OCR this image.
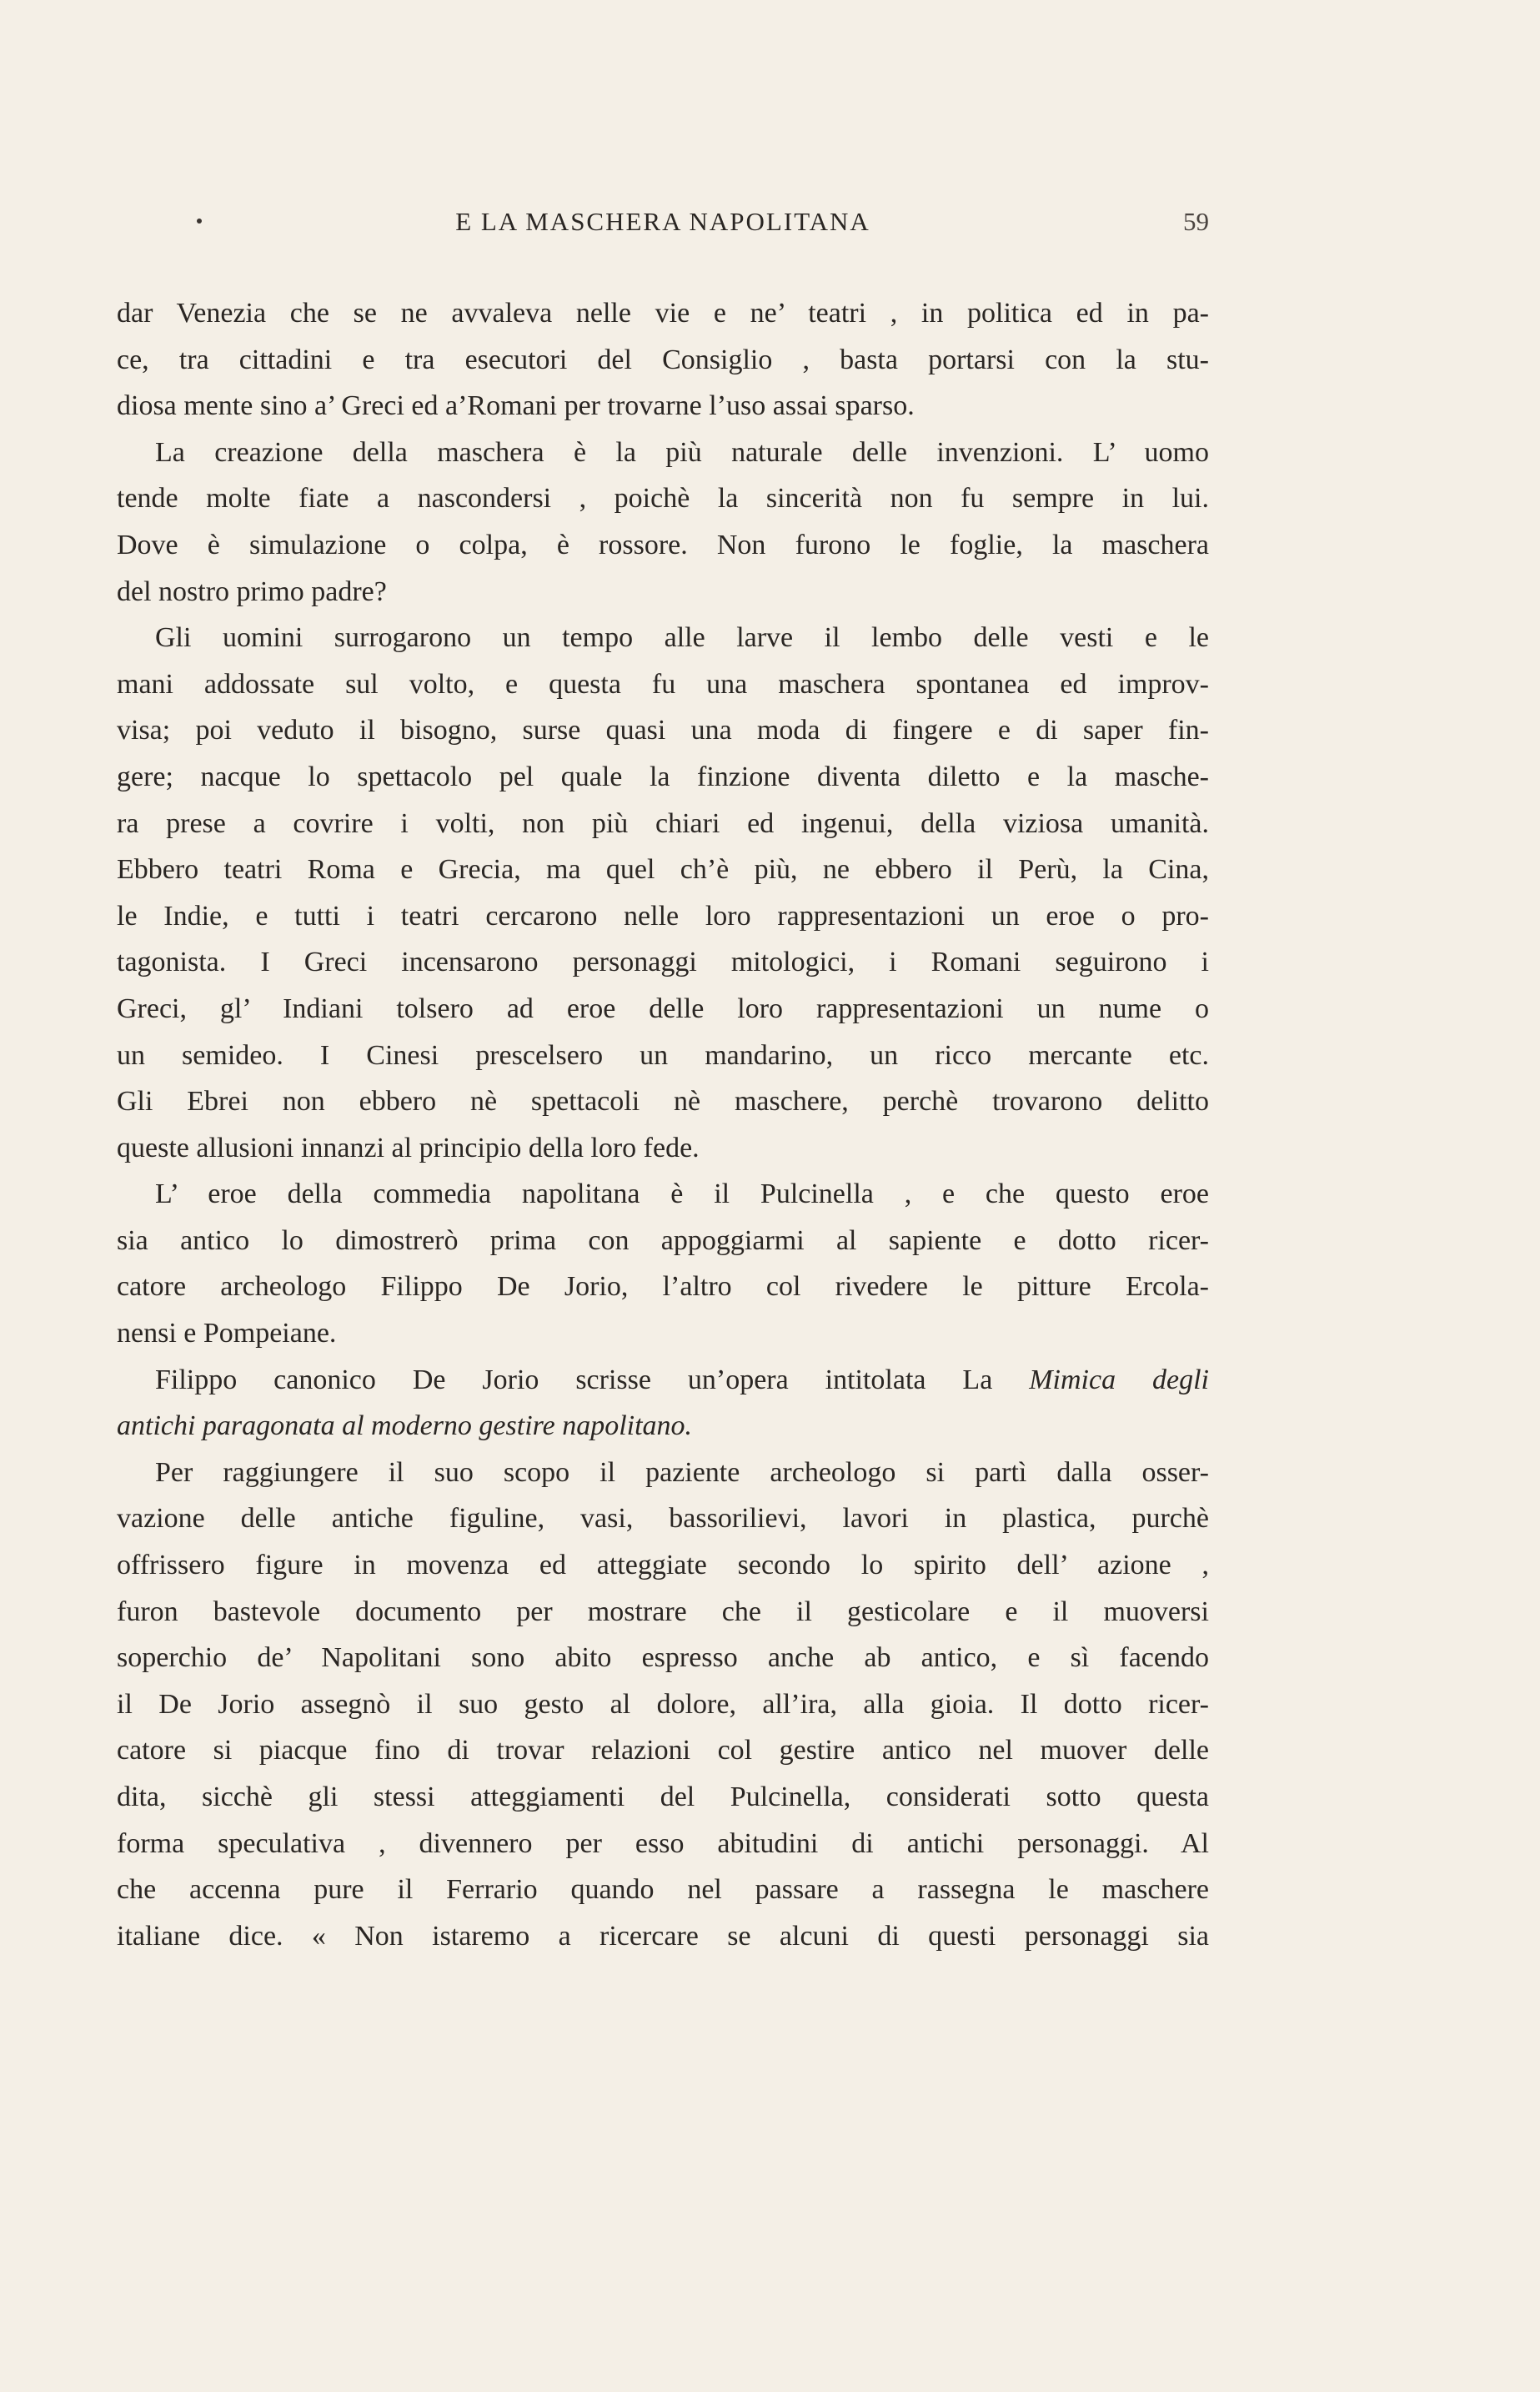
E LA MASCHERA NAPOLITANA	59
dar Venezia che se ne avvaleva nelle vie e ne’ teatri , in politica ed in pa-
ce, tra cittadini e tra esecutori del Consiglio , basta portarsi con la stu-
diosa mente sino a’ Greci ed a’Romani per trovarne l’uso assai sparso.
La creazione della maschera è la più naturale delle invenzioni. L’ uomo
tende molte fiate a nascondersi , poichè la sincerità non fu sempre in lui.
Dove è simulazione o colpa, è rossore. Non furono le foglie, la maschera
del nostro primo padre?
Gli uomini surrogarono un tempo alle larve il lembo delle vesti e le
mani addossate sul volto, e questa fu una maschera spontanea ed improv-
visa; poi veduto il bisogno, surse quasi una moda di fingere e di saper fin-
gere; nacque lo spettacolo pel quale la finzione diventa diletto e la masche-
ra prese a covrire i volti, non più chiari ed ingenui, della viziosa umanità.
Ebbero teatri Roma e Grecia, ma quel ch’è più, ne ebbero il Perù, la Cina,
le Indie, e tutti i teatri cercarono nelle loro rappresentazioni un eroe o pro-
tagonista. I Greci incensarono personaggi mitologici, i Romani seguirono i
Greci, gl’ Indiani tolsero ad eroe delle loro rappresentazioni un nume o
un semideo. I Cinesi prescelsero un mandarino, un ricco mercante etc.
Gli Ebrei non ebbero nè spettacoli nè maschere, perchè trovarono delitto
queste allusioni innanzi al principio della loro fede.
L’ eroe della commedia napolitana è il Pulcinella , e che questo eroe
sia antico lo dimostrerò prima con appoggiarmi al sapiente e dotto ricer-
catore archeologo Filippo De Jorio, l’altro col rivedere le pitture Ercola-
nensi e Pompeiane.
Filippo canonico De Jorio scrisse un’opera intitolata La Mimica degli
antichi paragonata al moderno gestire napolitano.
Per raggiungere il suo scopo il paziente archeologo si partì dalla osser-
vazione delle antiche figuline, vasi, bassorilievi, lavori in plastica, purchè
offrissero figure in movenza ed atteggiate secondo lo spirito dell’ azione ,
furon bastevole documento per mostrare che il gesticolare e il muoversi
soperchio de’ Napolitani sono abito espresso anche ab antico, e sì facendo
il De Jorio assegnò il suo gesto al dolore, all’ira, alla gioia. Il dotto ricer-
catore si piacque fino di trovar relazioni col gestire antico nel muover delle
dita, sicchè gli stessi atteggiamenti del Pulcinella, considerati sotto questa
forma speculativa , divennero per esso abitudini di antichi personaggi. Al
che accenna pure il Ferrario quando nel passare a rassegna le maschere
italiane dice. « Non istaremo a ricercare se alcuni di questi personaggi sia
